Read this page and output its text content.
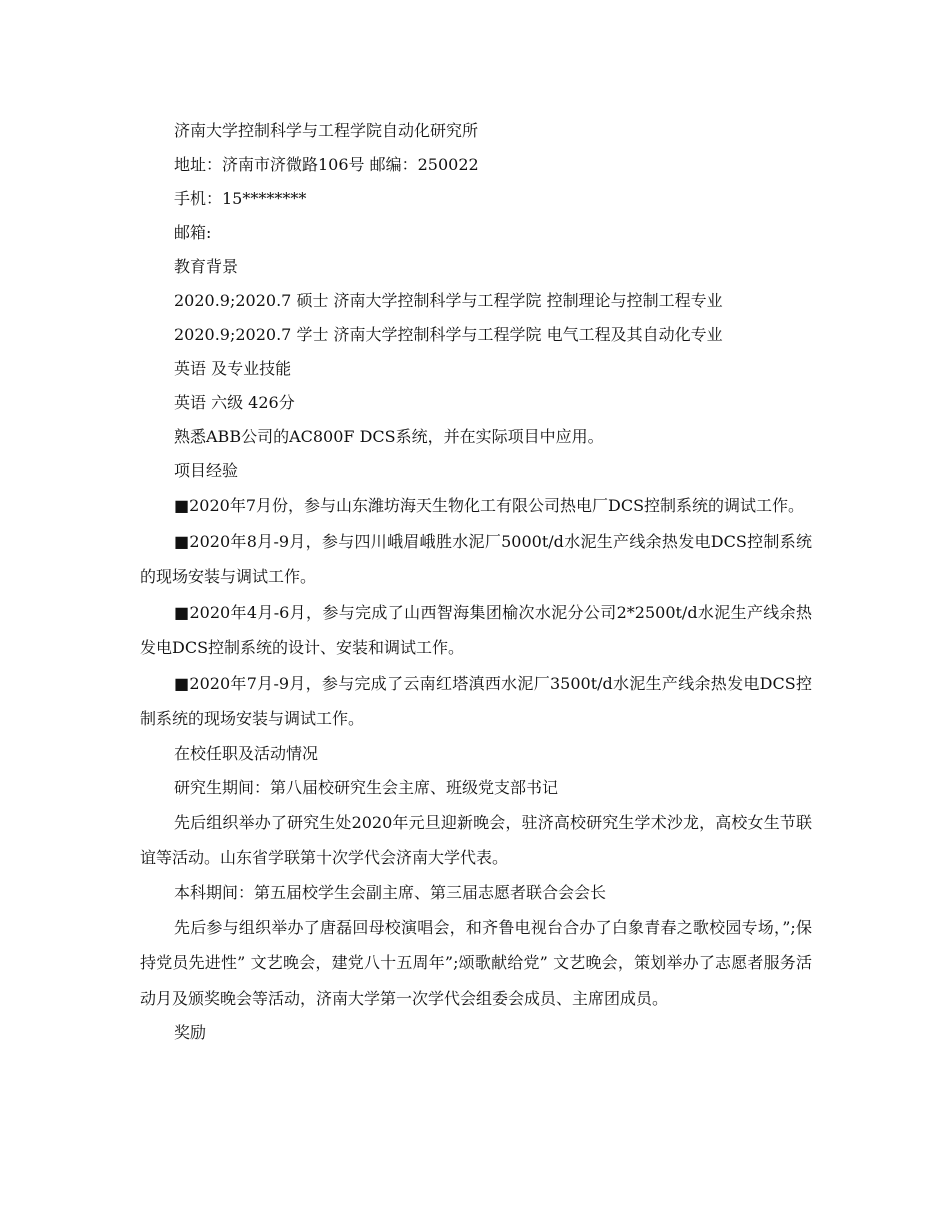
济南大学控制科学与工程学院自动化研究所

地址：济南市济微路106号 邮编：250022

手机：15********

邮箱:

教育背景

2020.9;2020.7 硕士 济南大学控制科学与工程学院 控制理论与控制工程专业

2020.9;2020.7 学士 济南大学控制科学与工程学院 电气工程及其自动化专业

英语 及专业技能

英语 六级 426分

熟悉ABB公司的AC800F DCS系统，并在实际项目中应用。

项目经验

■2020年7月份，参与山东潍坊海天生物化工有限公司热电厂DCS控制系统的调试工作。

■2020年8月-9月，参与四川峨眉峨胜水泥厂5000t/d水泥生产线余热发电DCS控制系统的现场安装与调试工作。

■2020年4月-6月，参与完成了山西智海集团榆次水泥分公司2*2500t/d水泥生产线余热发电DCS控制系统的设计、安装和调试工作。

■2020年7月-9月，参与完成了云南红塔滇西水泥厂3500t/d水泥生产线余热发电DCS控制系统的现场安装与调试工作。

在校任职及活动情况

研究生期间：第八届校研究生会主席、班级党支部书记

先后组织举办了研究生处2020年元旦迎新晚会，驻济高校研究生学术沙龙，高校女生节联谊等活动。山东省学联第十次学代会济南大学代表。

本科期间：第五届校学生会副主席、第三届志愿者联合会会长

先后参与组织举办了唐磊回母校演唱会，和齐鲁电视台合办了白象青春之歌校园专场，”;保持党员先进性” 文艺晚会，建党八十五周年”;颂歌献给党” 文艺晚会，策划举办了志愿者服务活动月及颁奖晚会等活动，济南大学第一次学代会组委会成员、主席团成员。

奖励
